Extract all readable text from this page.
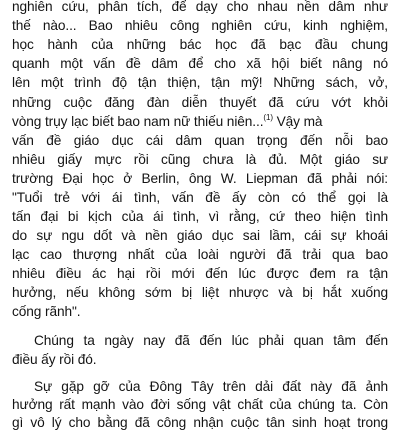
nghiên cứu, phân tích, để dạy cho nhau nền dâm như
thế nào... Bao nhiêu công nghiên cứu, kinh nghiệm,
học hành của những bác học đã bạc đầu chung
quanh một vấn đề dâm để cho xã hội biết nâng nó
lên một trình độ tận thiện, tận mỹ! Những sách, vở,
những cuộc đăng đàn diễn thuyết đã cứu vớt khỏi
vòng trụy lạc biết bao nam nữ thiếu niên...$^{(1)}$ Vậy mà
vấn đề giáo dục cái dâm quan trọng đến nỗi bao
nhiêu giấy mực rồi cũng chưa là đủ. Một giáo sư
trường Đại học ở Berlin, ông W. Liepman đã phải nói:
"Tuổi trẻ với ái tình, vấn đề ấy còn có thể gọi là
tấn đại bi kịch của ái tình, vì rằng, cứ theo hiện tình
do sự ngu dốt và nền giáo dục sai lầm, cái sự khoái
lạc cao thượng nhất của loài người đã trải qua bao
nhiêu điều ác hại rồi mới đến lúc được đem ra tận
hưởng, nếu không sớm bị liệt nhược và bị hắt xuống
cống rãnh".
Chúng ta ngày nay đã đến lúc phải quan tâm đến
điều ấy rồi đó.
Sự gặp gỡ của Đông Tây trên dải đất này đã ảnh
hưởng rất mạnh vào đời sống vật chất của chúng ta. Còn
gì vô lý cho bằng đã công nhận cuộc tân sinh hoạt trong
